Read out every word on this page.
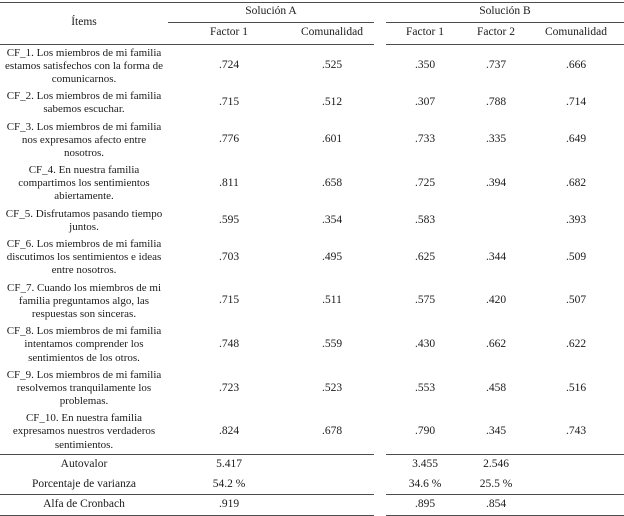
Ítems	Solución A			Solución B		
	Factor 1	Comunalidad		Factor 1	Factor 2	Comunalidad
CF_1. Los miembros de mi familia estamos satisfechos con la forma de comunicarnos.	.724	.525		.350	.737	.666
CF_2. Los miembros de mi familia sabemos escuchar.	.715	.512		.307	.788	.714
CF_3. Los miembros de mi familia nos expresamos afecto entre nosotros.	.776	.601		.733	.335	.649
CF_4. En nuestra familia compartimos los sentimientos abiertamente.	.811	.658		.725	.394	.682
CF_5. Disfrutamos pasando tiempo juntos.	.595	.354		.583		.393
CF_6. Los miembros de mi familia discutimos los sentimientos e ideas entre nosotros.	.703	.495		.625	.344	.509
CF_7. Cuando los miembros de mi familia preguntamos algo, las respuestas son sinceras.	.715	.511		.575	.420	.507
CF_8. Los miembros de mi familia intentamos comprender los sentimientos de los otros.	.748	.559		.430	.662	.622
CF_9. Los miembros de mi familia resolvemos tranquilamente los problemas.	.723	.523		.553	.458	.516
CF_10. En nuestra familia expresamos nuestros verdaderos sentimientos.	.824	.678		.790	.345	.743
Autovalor	5.417			3.455	2.546	
Porcentaje de varianza	54.2 %			34.6 %	25.5 %	
Alfa de Cronbach	.919			.895	.854	
